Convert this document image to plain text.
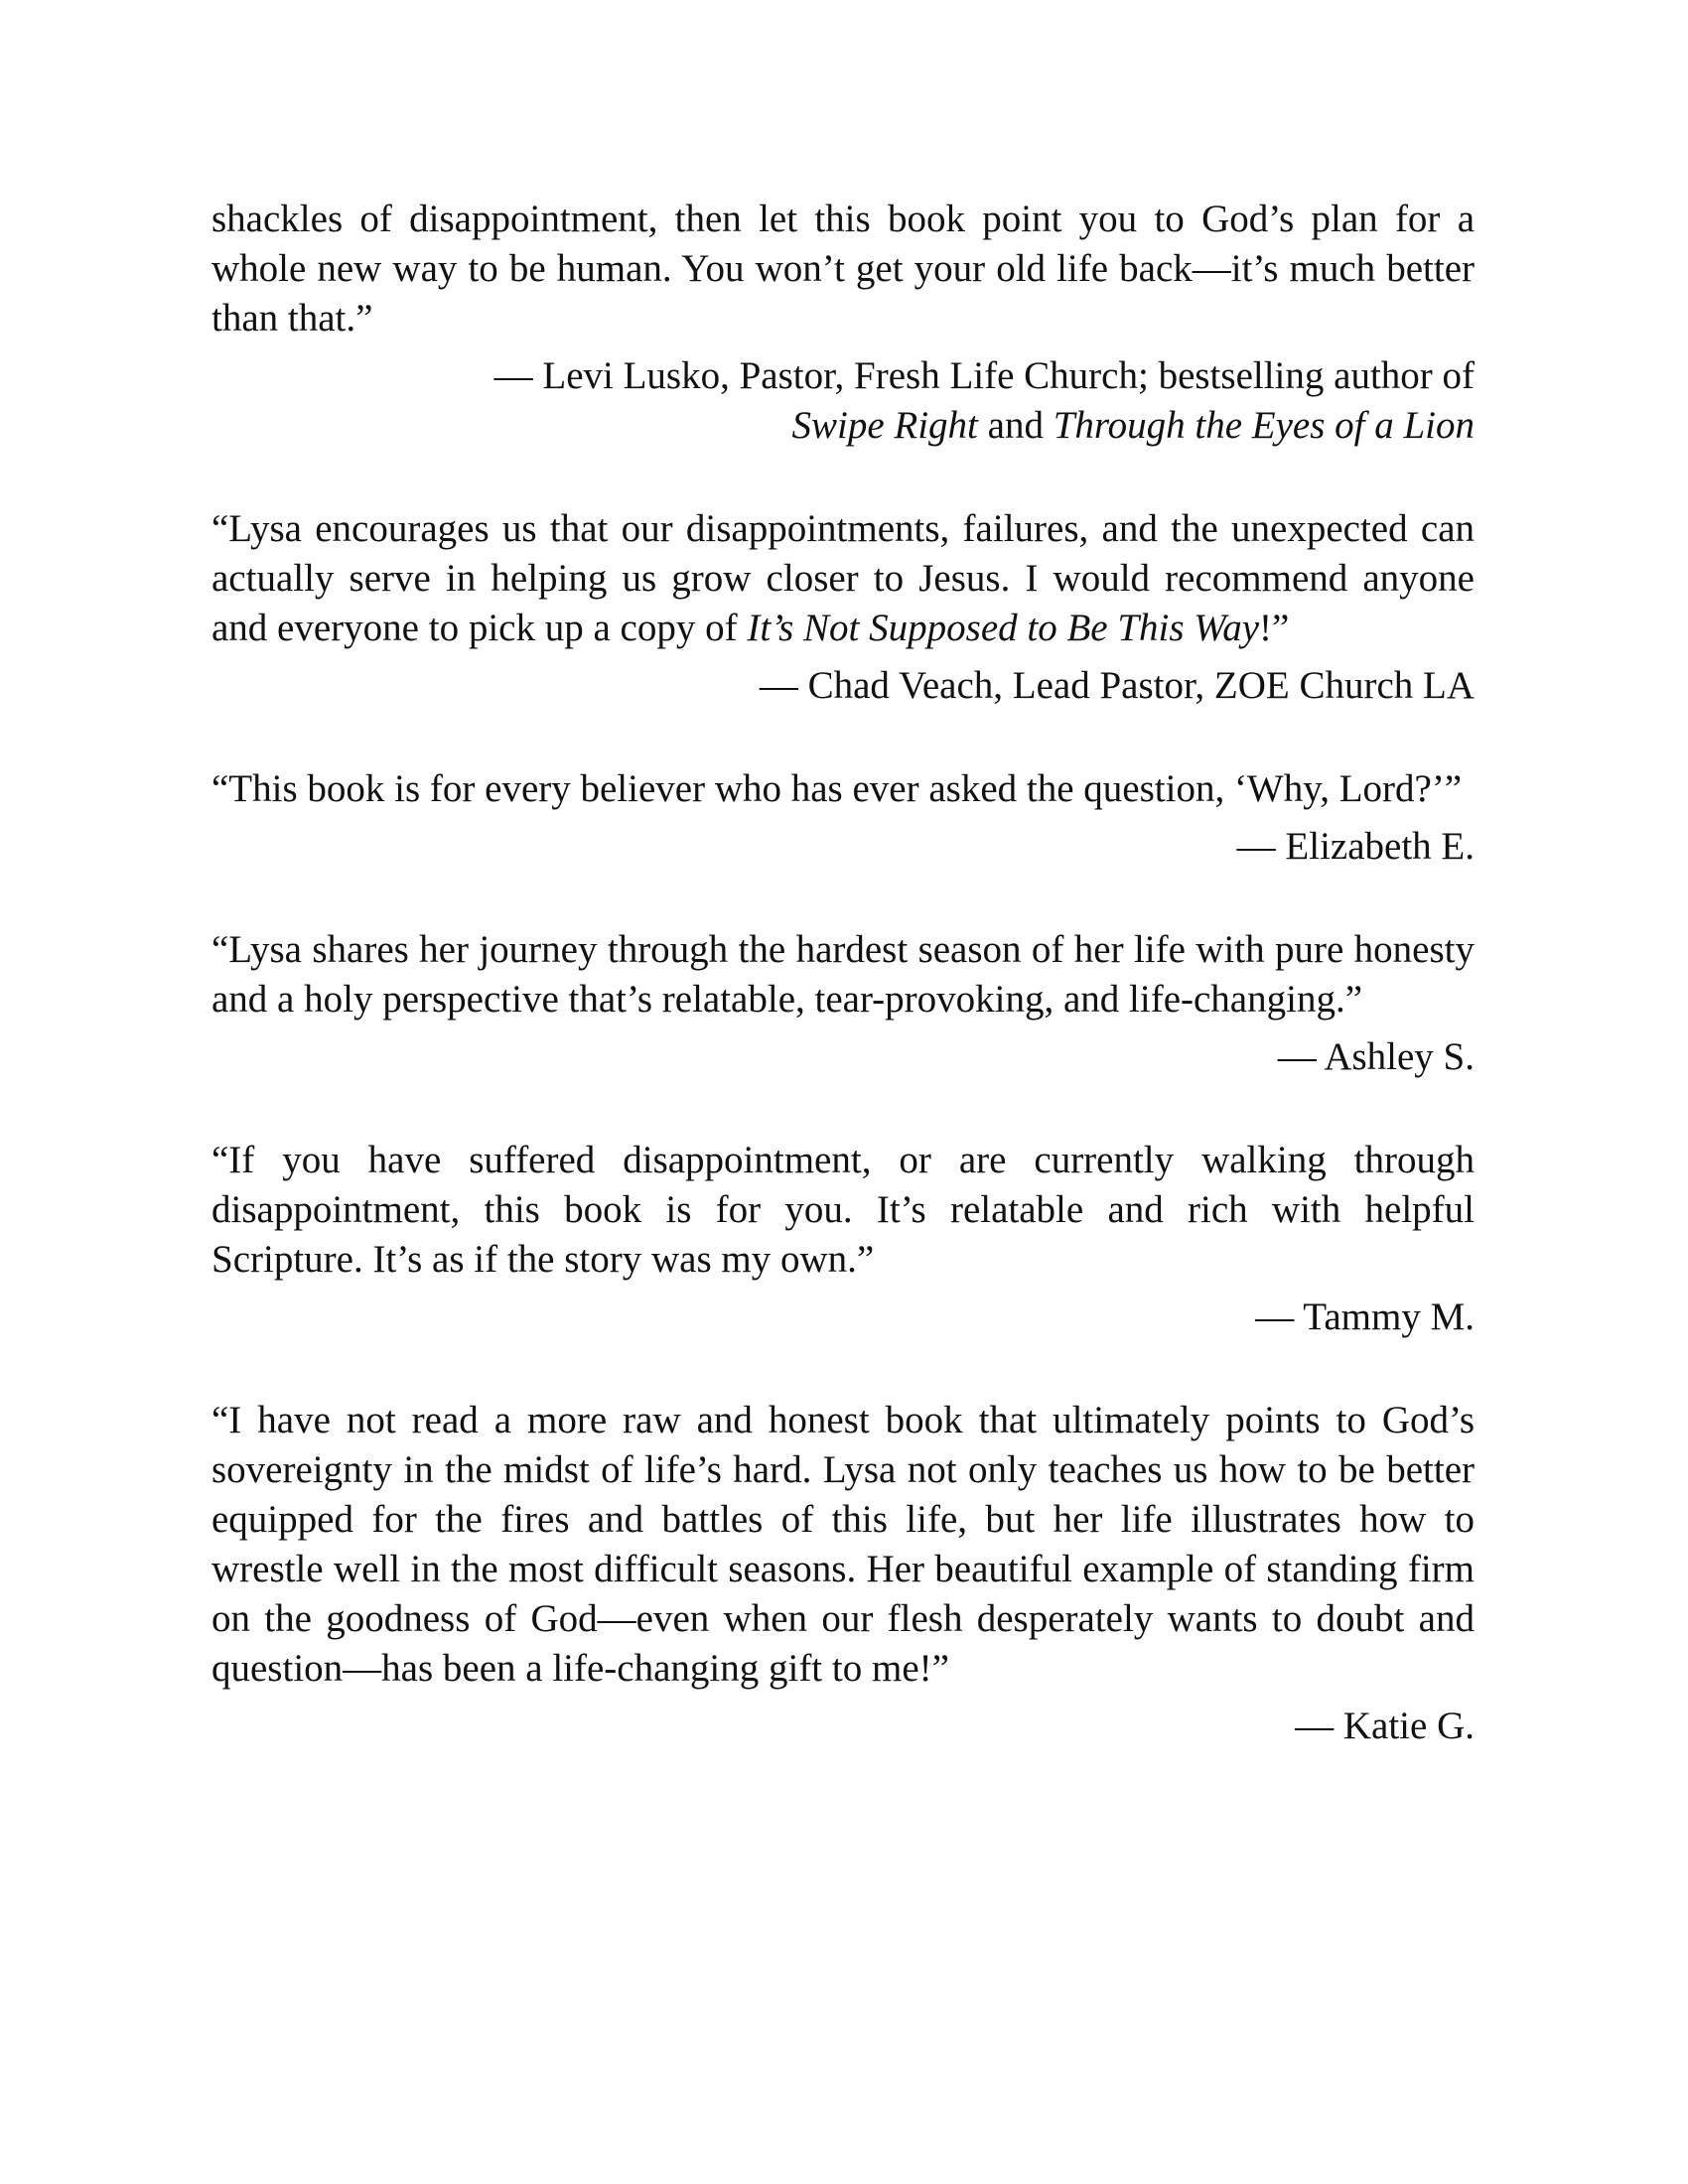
shackles of disappointment, then let this book point you to God’s plan for a whole new way to be human. You won’t get your old life back—it’s much better than that.”

— Levi Lusko, Pastor, Fresh Life Church; bestselling author of
Swipe Right and Through the Eyes of a Lion

“Lysa encourages us that our disappointments, failures, and the unexpected can actually serve in helping us grow closer to Jesus. I would recommend anyone and everyone to pick up a copy of It’s Not Supposed to Be This Way!”

— Chad Veach, Lead Pastor, ZOE Church LA

“This book is for every believer who has ever asked the question, ‘Why, Lord?’”

— Elizabeth E.

“Lysa shares her journey through the hardest season of her life with pure honesty and a holy perspective that’s relatable, tear-provoking, and life-changing.”

— Ashley S.

“If you have suffered disappointment, or are currently walking through disappointment, this book is for you. It’s relatable and rich with helpful Scripture. It’s as if the story was my own.”

— Tammy M.

“I have not read a more raw and honest book that ultimately points to God’s sovereignty in the midst of life’s hard. Lysa not only teaches us how to be better equipped for the fires and battles of this life, but her life illustrates how to wrestle well in the most difficult seasons. Her beautiful example of standing firm on the goodness of God—even when our flesh desperately wants to doubt and question—has been a life-changing gift to me!”

— Katie G.
